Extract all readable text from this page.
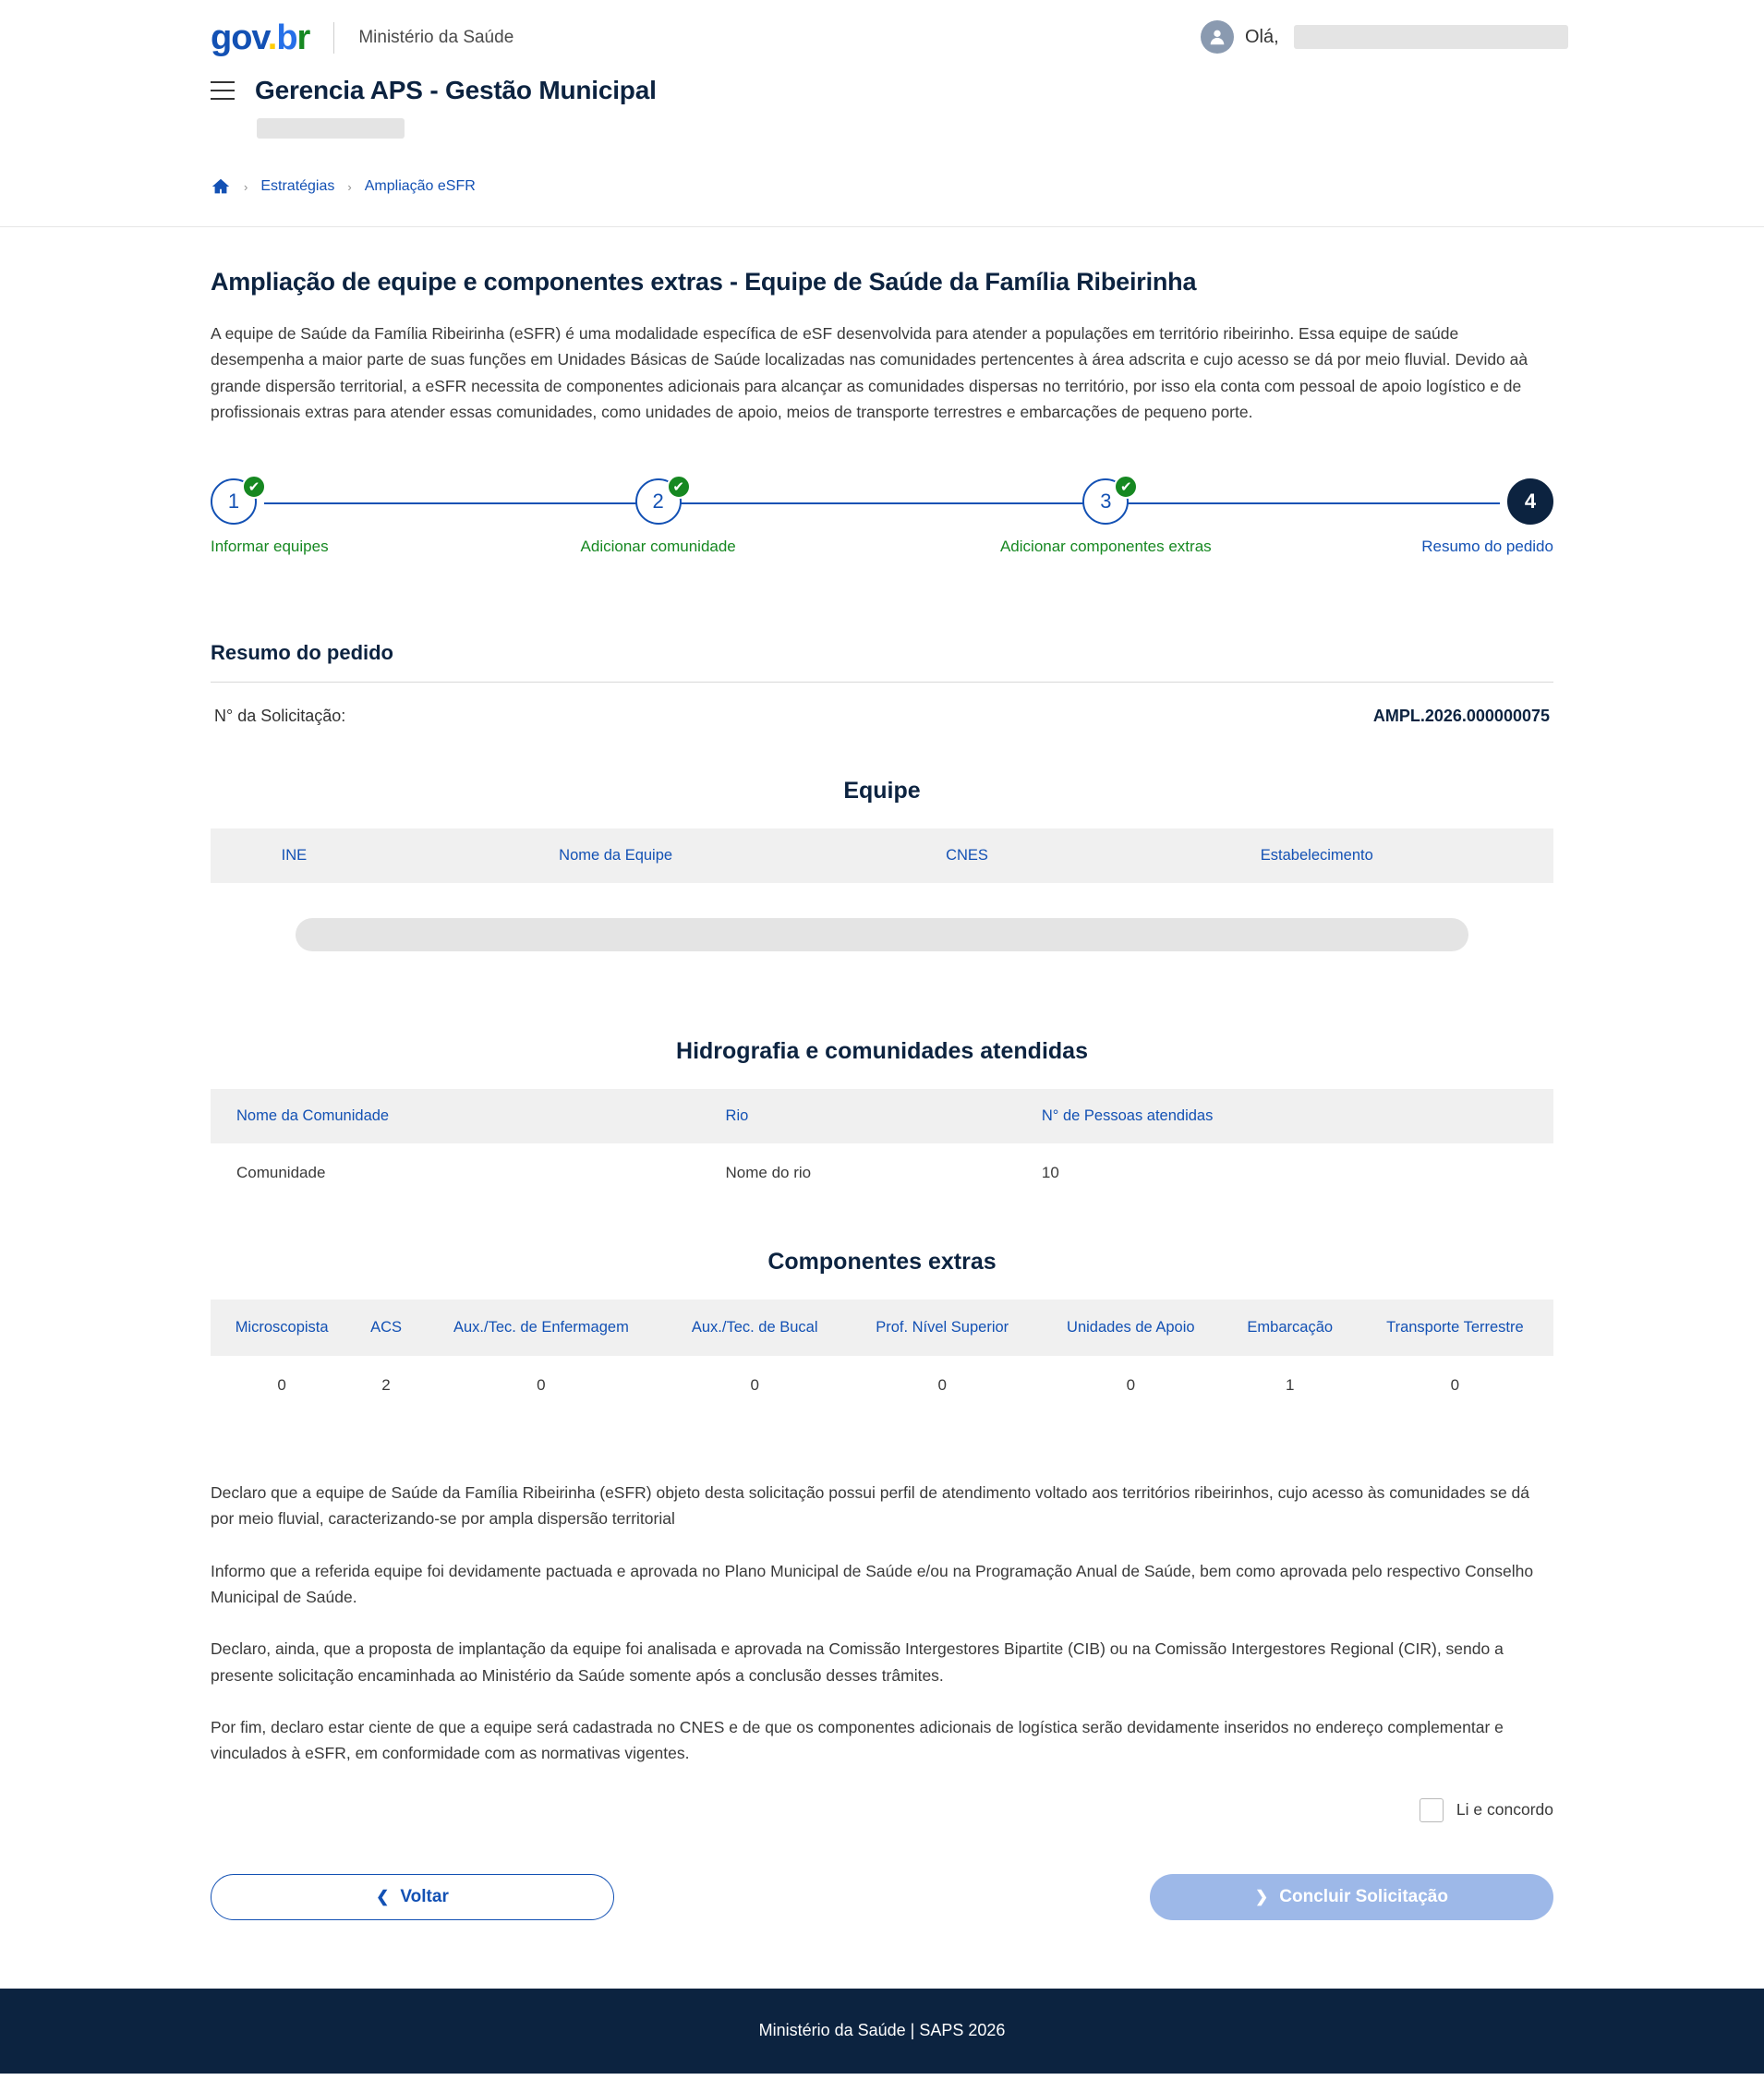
gov.br	Ministério da Saúde	Olá,
Gerencia APS - Gestão Municipal
› Estratégias › Ampliação eSFR
Ampliação de equipe e componentes extras - Equipe de Saúde da Família Ribeirinha

A equipe de Saúde da Família Ribeirinha (eSFR) é uma modalidade específica de eSF desenvolvida para atender a populações em território ribeirinho. Essa equipe de saúde desempenha a maior parte de suas funções em Unidades Básicas de Saúde localizadas nas comunidades pertencentes à área adscrita e cujo acesso se dá por meio fluvial. Devido aà grande dispersão territorial, a eSFR necessita de componentes adicionais para alcançar as comunidades dispersas no território, por isso ela conta com pessoal de apoio logístico e de profissionais extras para atender essas comunidades, como unidades de apoio, meios de transporte terrestres e embarcações de pequeno porte.

1
✔
Informar equipes
2
✔
Adicionar comunidade
3
✔
Adicionar componentes extras
4
Resumo do pedido
Resumo do pedido
N° da Solicitação:	AMPL.2026.000000075
Equipe
INE	Nome da Equipe	CNES	Estabelecimento

Hidrografia e comunidades atendidas
Nome da Comunidade	Rio	N° de Pessoas atendidas
Comunidade	Nome do rio	10
Componentes extras
Microscopista	ACS	Aux./Tec. de Enfermagem	Aux./Tec. de Bucal	Prof. Nível Superior	Unidades de Apoio	Embarcação	Transporte Terrestre
0	2	0	0	0	0	1	0

Declaro que a equipe de Saúde da Família Ribeirinha (eSFR) objeto desta solicitação possui perfil de atendimento voltado aos territórios ribeirinhos, cujo acesso às comunidades se dá por meio fluvial, caracterizando-se por ampla dispersão territorial

Informo que a referida equipe foi devidamente pactuada e aprovada no Plano Municipal de Saúde e/ou na Programação Anual de Saúde, bem como aprovada pelo respectivo Conselho Municipal de Saúde.

Declaro, ainda, que a proposta de implantação da equipe foi analisada e aprovada na Comissão Intergestores Bipartite (CIB) ou na Comissão Intergestores Regional (CIR), sendo a presente solicitação encaminhada ao Ministério da Saúde somente após a conclusão desses trâmites.

Por fim, declaro estar ciente de que a equipe será cadastrada no CNES e de que os componentes adicionais de logística serão devidamente inseridos no endereço complementar e vinculados à eSFR, em conformidade com as normativas vigentes.

Li e concordo
❮ Voltar	❯ Concluir Solicitação
Ministério da Saúde | SAPS 2026
